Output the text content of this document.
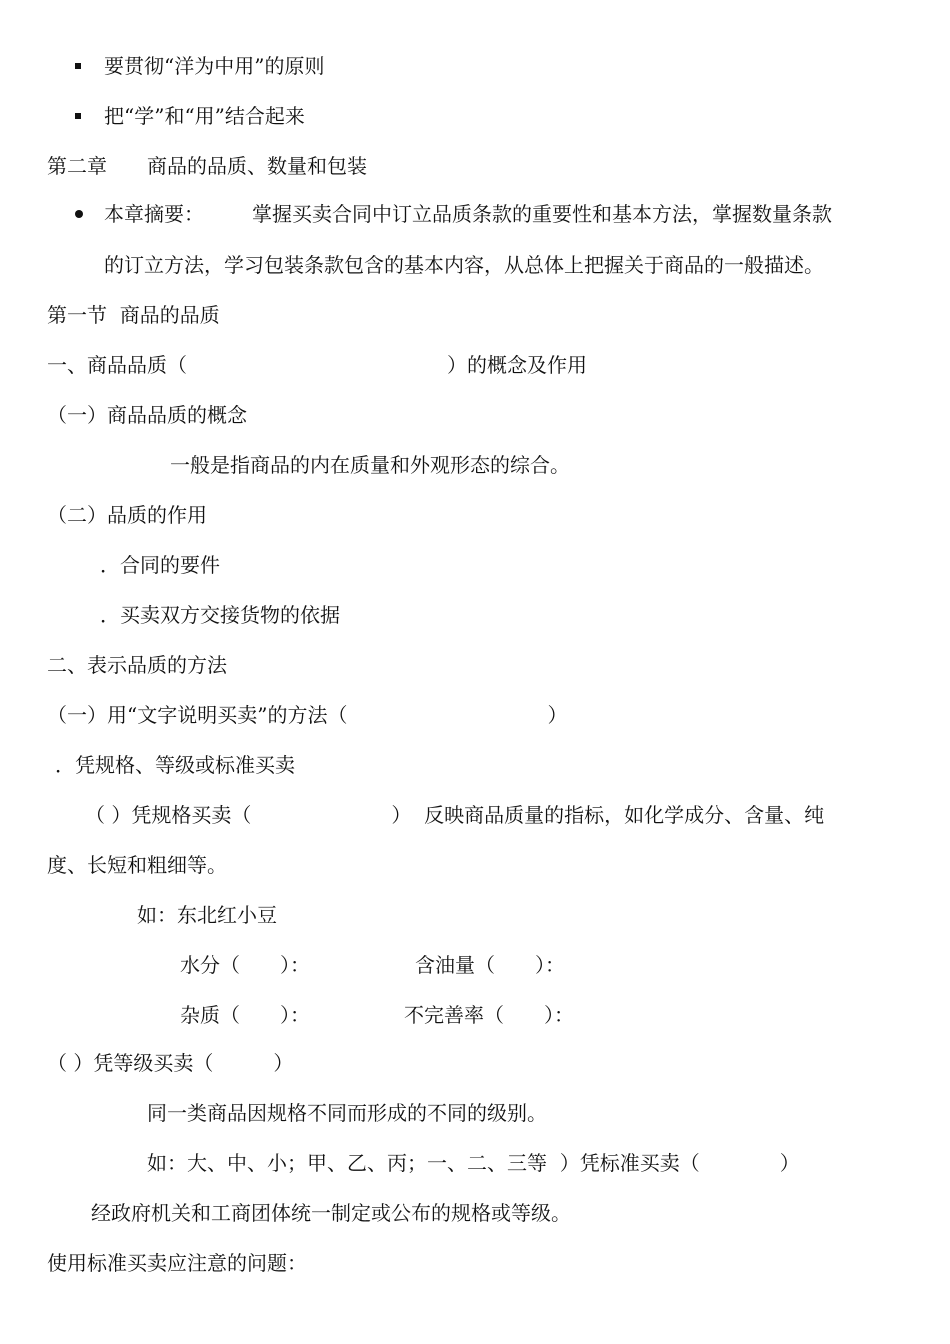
要贯彻“洋为中用”的原则
把“学”和“用”结合起来
第二章　　商品的品质、数量和包装
本章摘要： 掌握买卖合同中订立品质条款的重要性和基本方法，掌握数量条款
的订立方法，学习包装条款包含的基本内容，从总体上把握关于商品的一般描述。
第一节  商品的品质
一、商品品质（　　　　　　　　　　　　　）的概念及作用
（一）商品品质的概念
一般是指商品的内在质量和外观形态的综合。
（二）品质的作用
．合同的要件
．买卖双方交接货物的依据
二、表示品质的方法
（一）用“文字说明买卖”的方法（　　　　　　　　　　）
．凭规格、等级或标准买卖
（ ）凭规格买卖（　　　　　　　）  反映商品质量的指标，如化学成分、含量、纯
度、长短和粗细等。
如：东北红小豆
水分（　　）：	含油量（　　）：
杂质（　　）：	不完善率（　　）：
（ ）凭等级买卖（　　　）
同一类商品因规格不同而形成的不同的级别。
如：大、中、小；甲、乙、丙；一、二、三等  ）凭标准买卖（　　　　）
经政府机关和工商团体统一制定或公布的规格或等级。
使用标准买卖应注意的问题：
